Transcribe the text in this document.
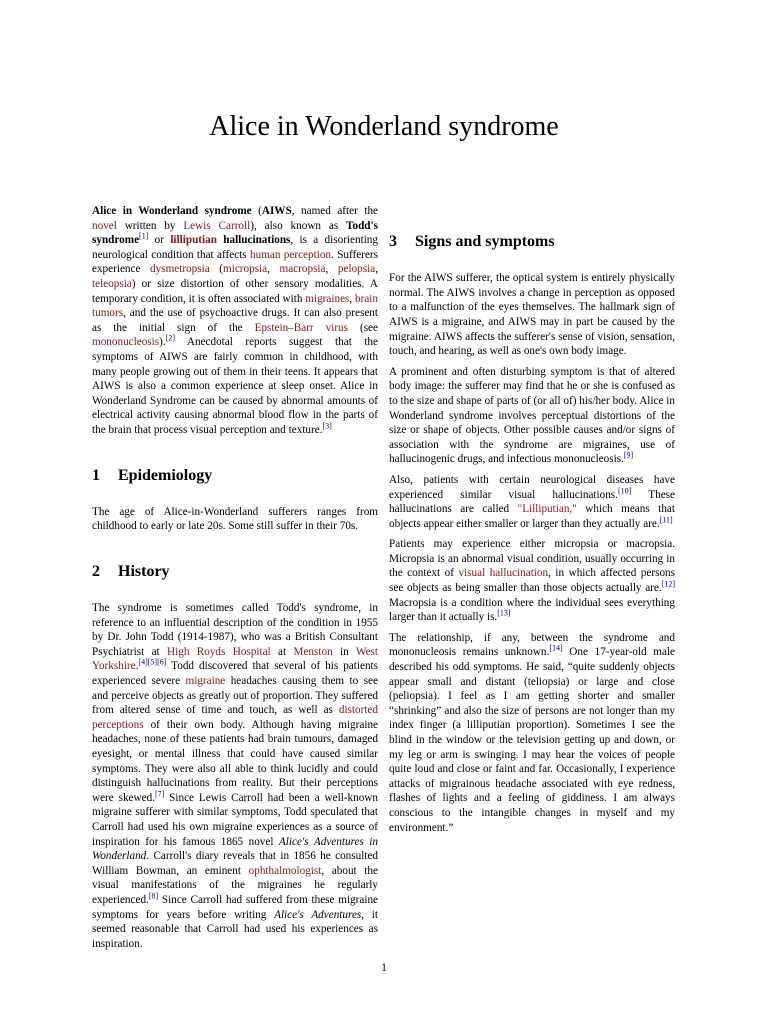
Alice in Wonderland syndrome

Alice in Wonderland syndrome (AIWS, named after the novel written by Lewis Carroll), also known as Todd's syndrome[1] or lilliputian hallucinations, is a disorienting neurological condition that affects human perception. Sufferers experience dysmetropsia (micropsia, macropsia, pelopsia, teleopsia) or size distortion of other sensory modalities. A temporary condition, it is often associated with migraines, brain tumors, and the use of psychoactive drugs. It can also present as the initial sign of the Epstein–Barr virus (see mononucleosis).[2] Anecdotal reports suggest that the symptoms of AIWS are fairly common in childhood, with many people growing out of them in their teens. It appears that AIWS is also a common experience at sleep onset. Alice in Wonderland Syndrome can be caused by abnormal amounts of electrical activity causing abnormal blood flow in the parts of the brain that process visual perception and texture.[3]

1 Epidemiology

The age of Alice-in-Wonderland sufferers ranges from childhood to early or late 20s. Some still suffer in their 70s.

2 History

The syndrome is sometimes called Todd's syndrome, in reference to an influential description of the condition in 1955 by Dr. John Todd (1914-1987), who was a British Consultant Psychiatrist at High Royds Hospital at Menston in West Yorkshire.[4][5][6] Todd discovered that several of his patients experienced severe migraine headaches causing them to see and perceive objects as greatly out of proportion. They suffered from altered sense of time and touch, as well as distorted perceptions of their own body. Although having migraine headaches, none of these patients had brain tumours, damaged eyesight, or mental illness that could have caused similar symptoms. They were also all able to think lucidly and could distinguish hallucinations from reality. But their perceptions were skewed.[7] Since Lewis Carroll had been a well-known migraine sufferer with similar symptoms, Todd speculated that Carroll had used his own migraine experiences as a source of inspiration for his famous 1865 novel Alice's Adventures in Wonderland. Carroll's diary reveals that in 1856 he consulted William Bowman, an eminent ophthalmologist, about the visual manifestations of the migraines he regularly experienced.[8] Since Carroll had suffered from these migraine symptoms for years before writing Alice's Adventures, it seemed reasonable that Carroll had used his experiences as inspiration.

3 Signs and symptoms

For the AIWS sufferer, the optical system is entirely physically normal. The AIWS involves a change in perception as opposed to a malfunction of the eyes themselves. The hallmark sign of AIWS is a migraine, and AIWS may in part be caused by the migraine. AIWS affects the sufferer's sense of vision, sensation, touch, and hearing, as well as one's own body image.

A prominent and often disturbing symptom is that of altered body image: the sufferer may find that he or she is confused as to the size and shape of parts of (or all of) his/her body. Alice in Wonderland syndrome involves perceptual distortions of the size or shape of objects. Other possible causes and/or signs of association with the syndrome are migraines, use of hallucinogenic drugs, and infectious mononucleosis.[9]

Also, patients with certain neurological diseases have experienced similar visual hallucinations.[10] These hallucinations are called "Lilliputian," which means that objects appear either smaller or larger than they actually are.[11]

Patients may experience either micropsia or macropsia. Micropsia is an abnormal visual condition, usually occurring in the context of visual hallucination, in which affected persons see objects as being smaller than those objects actually are.[12] Macropsia is a condition where the individual sees everything larger than it actually is.[13]

The relationship, if any, between the syndrome and mononucleosis remains unknown.[14] One 17-year-old male described his odd symptoms. He said, “quite suddenly objects appear small and distant (teliopsia) or large and close (peliopsia). I feel as I am getting shorter and smaller “shrinking” and also the size of persons are not longer than my index finger (a lilliputian proportion). Sometimes I see the blind in the window or the television getting up and down, or my leg or arm is swinging. I may hear the voices of people quite loud and close or faint and far. Occasionally, I experience attacks of migrainous headache associated with eye redness, flashes of lights and a feeling of giddiness. I am always conscious to the intangible changes in myself and my environment.”

1
